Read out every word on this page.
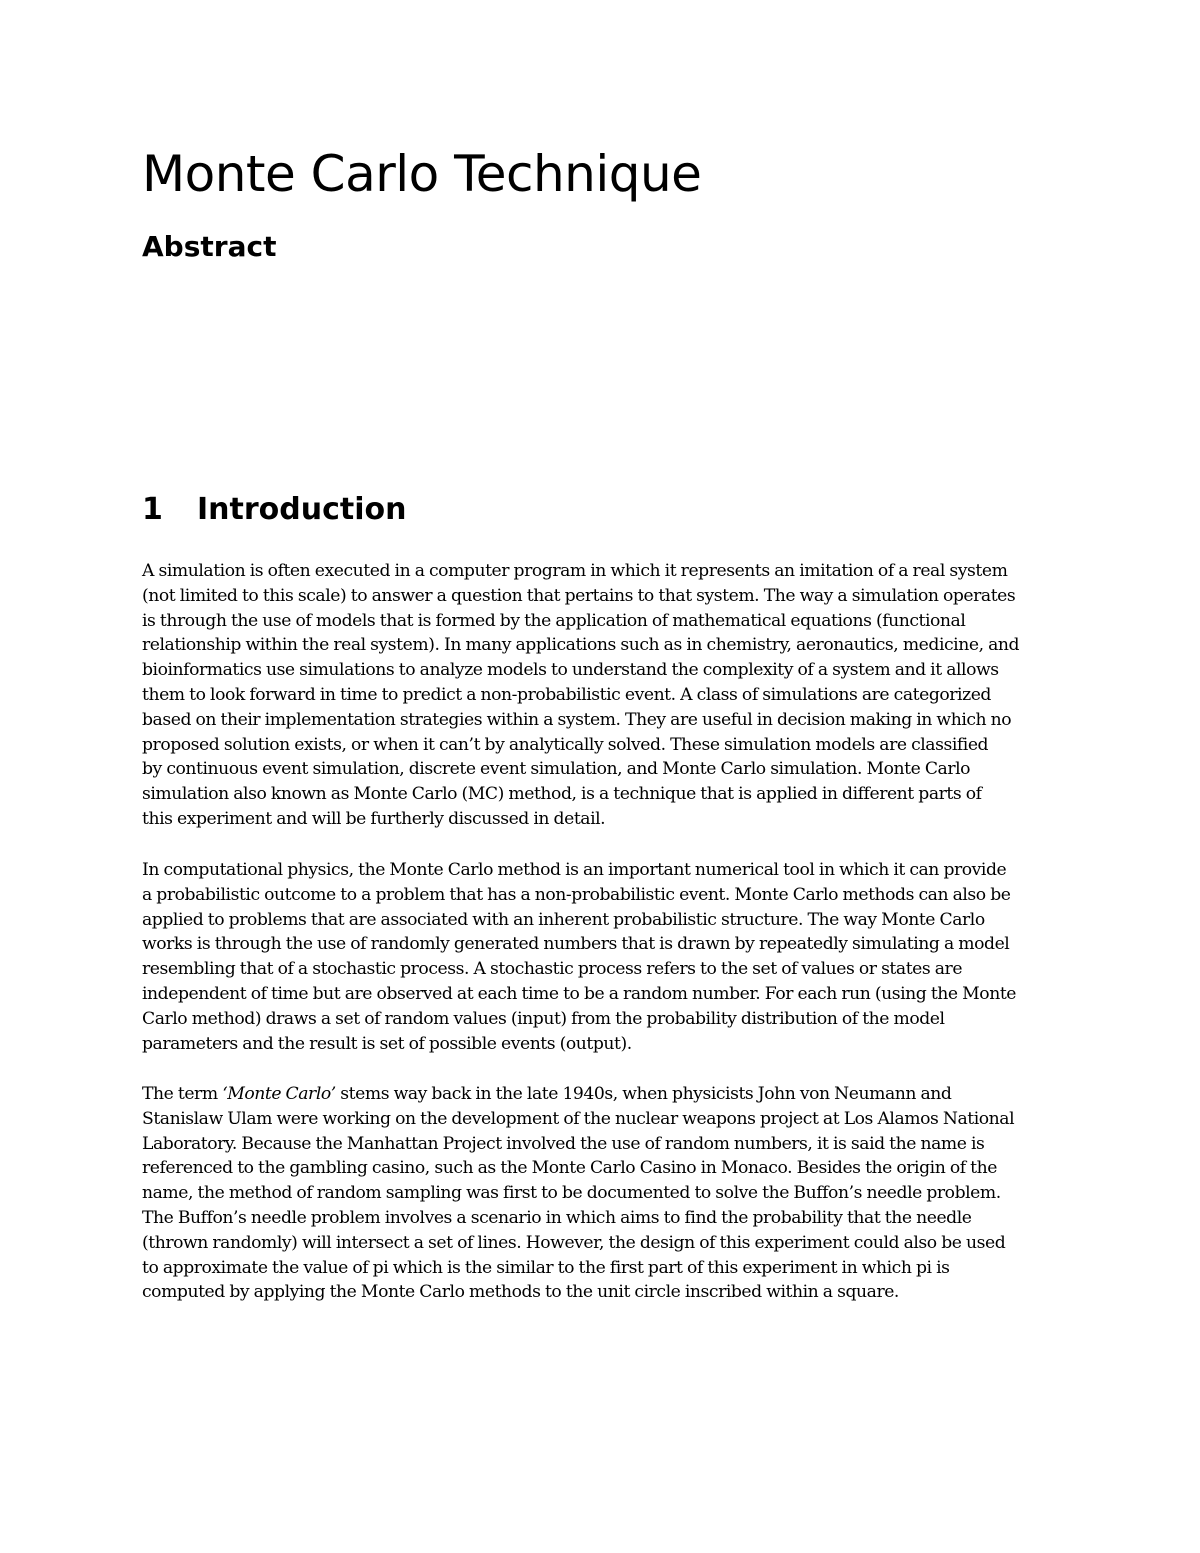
Monte Carlo Technique
Abstract
1	Introduction

A simulation is often executed in a computer program in which it represents an imitation of a real system
(not limited to this scale) to answer a question that pertains to that system. The way a simulation operates
is through the use of models that is formed by the application of mathematical equations (functional
relationship within the real system). In many applications such as in chemistry, aeronautics, medicine, and
bioinformatics use simulations to analyze models to understand the complexity of a system and it allows
them to look forward in time to predict a non-probabilistic event. A class of simulations are categorized
based on their implementation strategies within a system. They are useful in decision making in which no
proposed solution exists, or when it can’t by analytically solved. These simulation models are classified
by continuous event simulation, discrete event simulation, and Monte Carlo simulation. Monte Carlo
simulation also known as Monte Carlo (MC) method, is a technique that is applied in different parts of
this experiment and will be furtherly discussed in detail.

In computational physics, the Monte Carlo method is an important numerical tool in which it can provide
a probabilistic outcome to a problem that has a non-probabilistic event. Monte Carlo methods can also be
applied to problems that are associated with an inherent probabilistic structure. The way Monte Carlo
works is through the use of randomly generated numbers that is drawn by repeatedly simulating a model
resembling that of a stochastic process. A stochastic process refers to the set of values or states are
independent of time but are observed at each time to be a random number. For each run (using the Monte
Carlo method) draws a set of random values (input) from the probability distribution of the model
parameters and the result is set of possible events (output).

The term ‘Monte Carlo’ stems way back in the late 1940s, when physicists John von Neumann and
Stanislaw Ulam were working on the development of the nuclear weapons project at Los Alamos National
Laboratory. Because the Manhattan Project involved the use of random numbers, it is said the name is
referenced to the gambling casino, such as the Monte Carlo Casino in Monaco. Besides the origin of the
name, the method of random sampling was first to be documented to solve the Buffon’s needle problem.
The Buffon’s needle problem involves a scenario in which aims to find the probability that the needle
(thrown randomly) will intersect a set of lines. However, the design of this experiment could also be used
to approximate the value of pi which is the similar to the first part of this experiment in which pi is
computed by applying the Monte Carlo methods to the unit circle inscribed within a square.
